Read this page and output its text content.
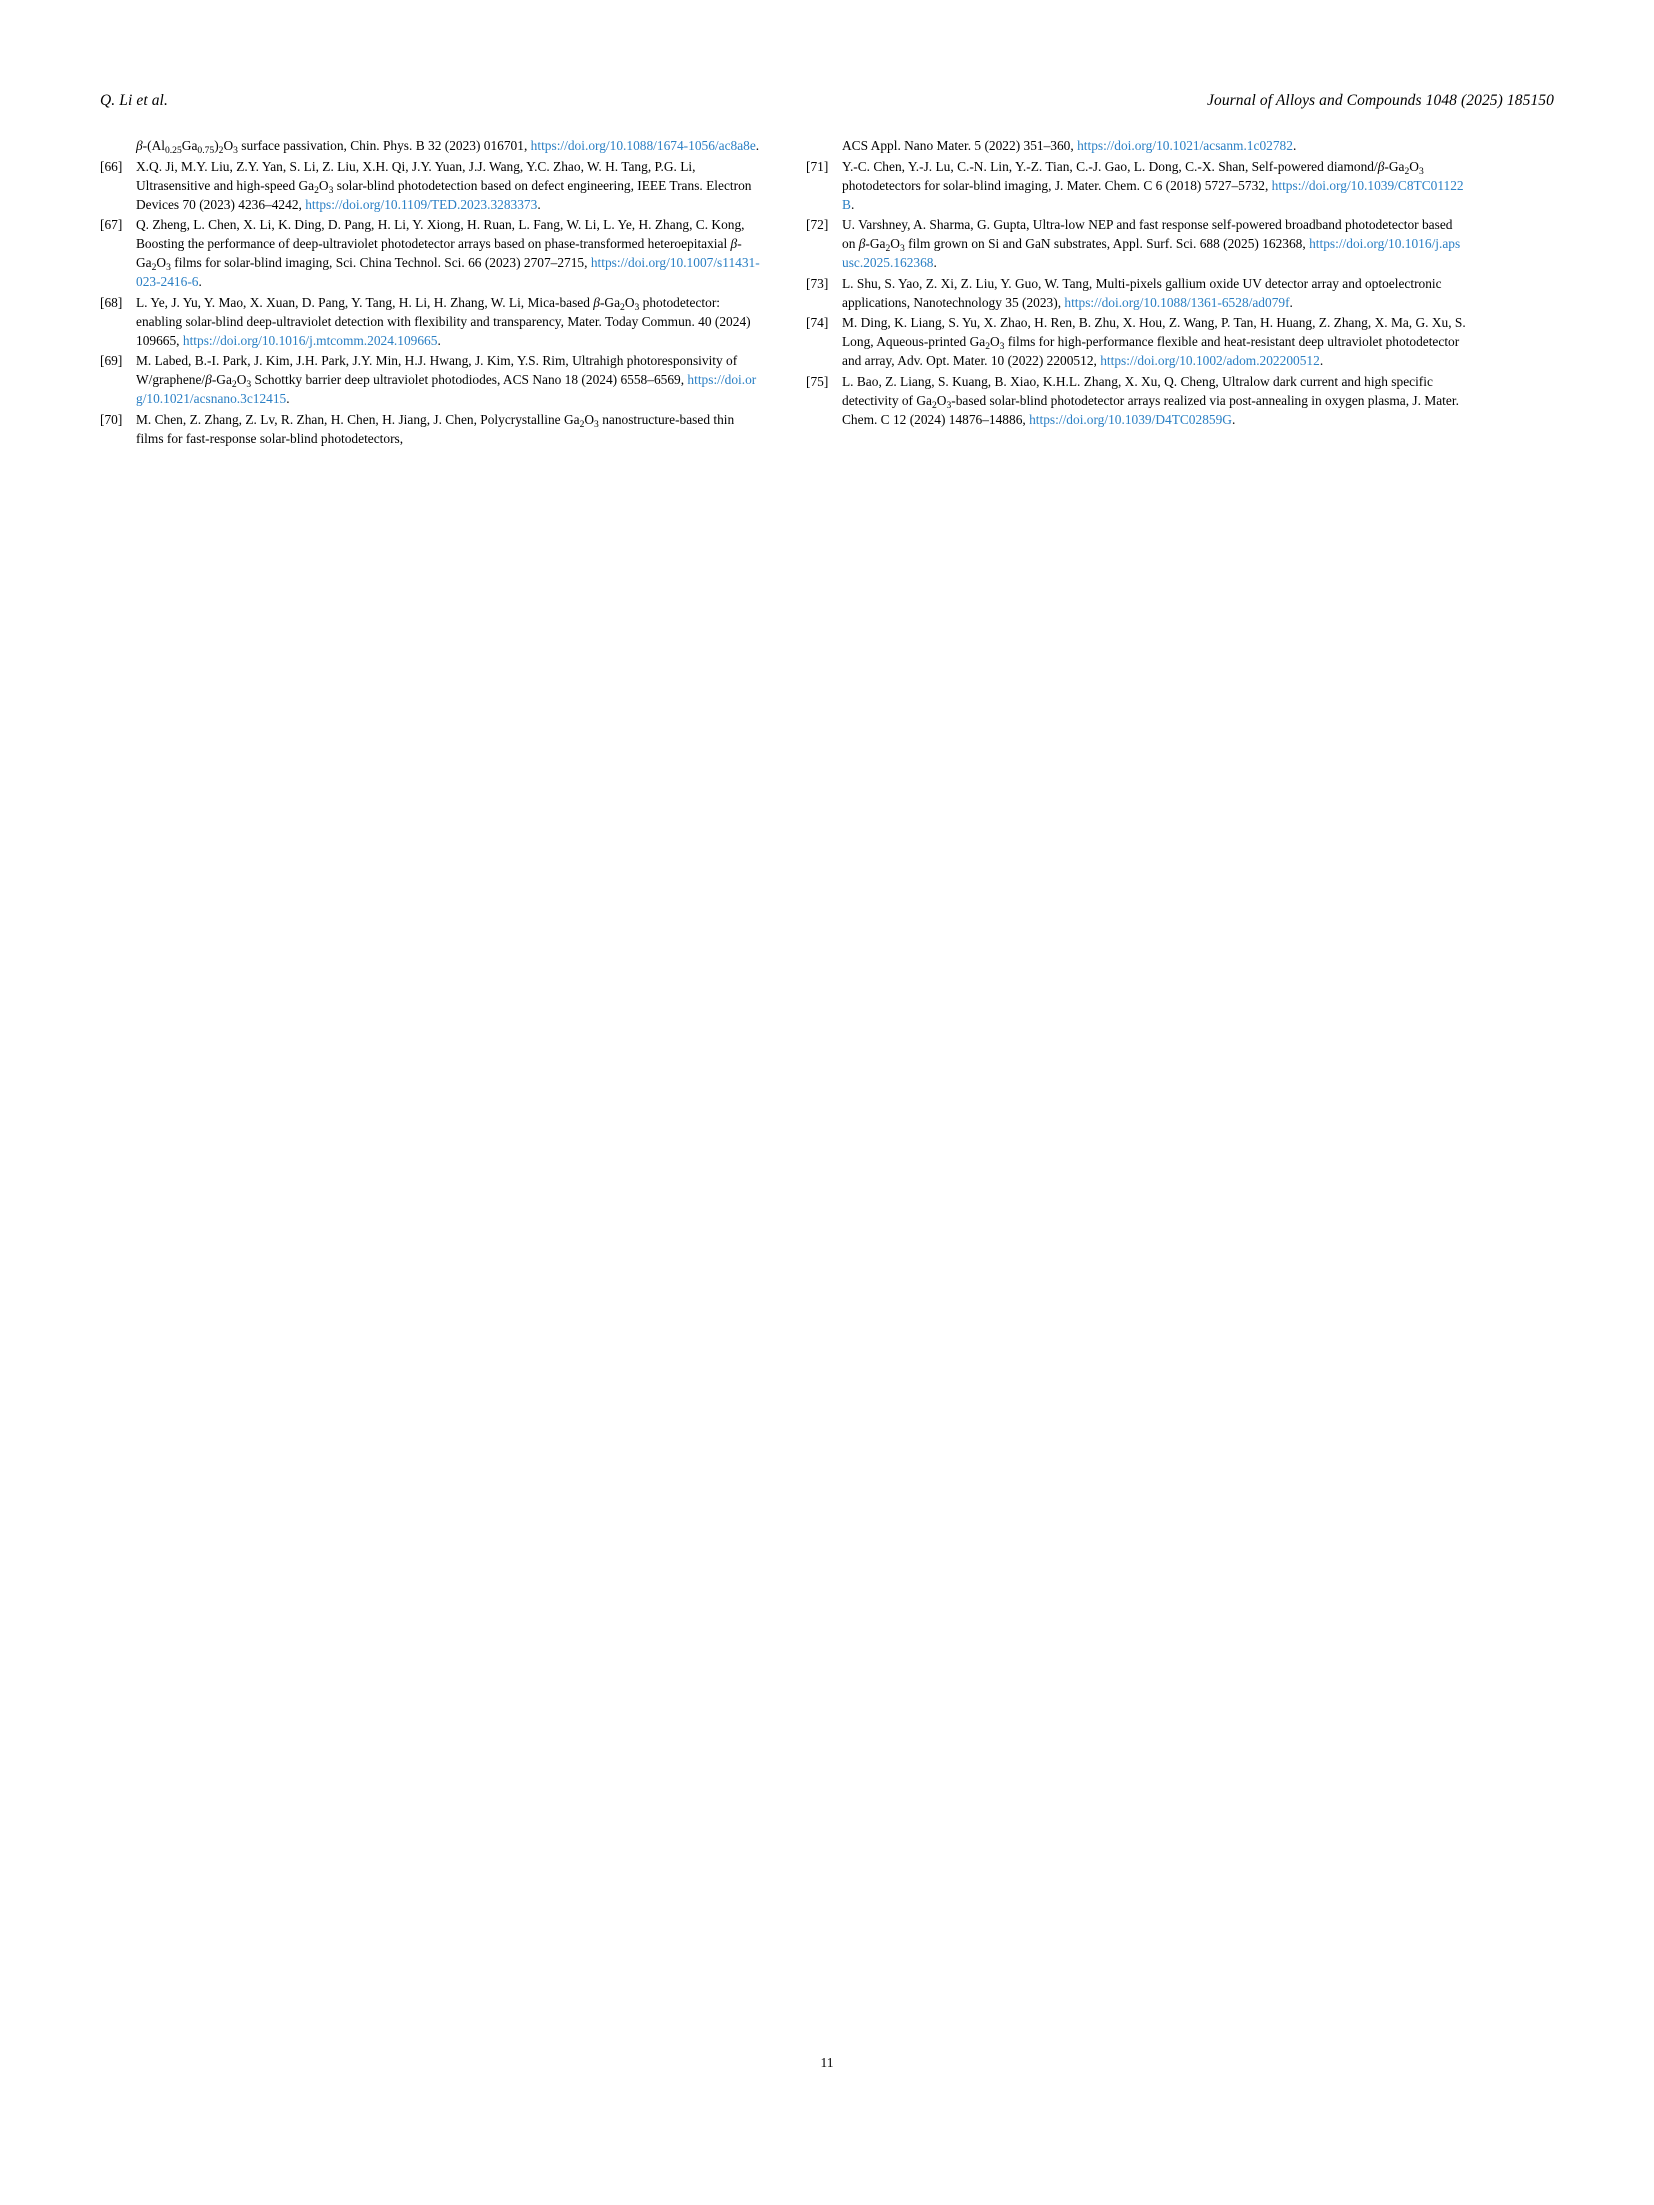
Q. Li et al.	Journal of Alloys and Compounds 1048 (2025) 185150
$\beta-(Al_{0.25}Ga_{0.75})_2O_3$ surface passivation, Chin. Phys. B 32 (2023) 016701, https://doi.org/10.1088/1674-1056/ac8a8e.
[66]	X.Q. Ji, M.Y. Liu, Z.Y. Yan, S. Li, Z. Liu, X.H. Qi, J.Y. Yuan, J.J. Wang, Y.C. Zhao, W. H. Tang, P.G. Li, Ultrasensitive and high-speed $Ga_2O_3$ solar-blind photodetection based on defect engineering, IEEE Trans. Electron Devices 70 (2023) 4236–4242, https://doi.org/10.1109/TED.2023.3283373.
[67]	Q. Zheng, L. Chen, X. Li, K. Ding, D. Pang, H. Li, Y. Xiong, H. Ruan, L. Fang, W. Li, L. Ye, H. Zhang, C. Kong, Boosting the performance of deep-ultraviolet photodetector arrays based on phase-transformed heteroepitaxial $\beta-Ga_2O_3$ films for solar-blind imaging, Sci. China Technol. Sci. 66 (2023) 2707–2715, https://doi.org/10.1007/s11431-023-2416-6.
[68]	L. Ye, J. Yu, Y. Mao, X. Xuan, D. Pang, Y. Tang, H. Li, H. Zhang, W. Li, Mica-based $\beta-Ga_2O_3$ photodetector: enabling solar-blind deep-ultraviolet detection with flexibility and transparency, Mater. Today Commun. 40 (2024) 109665, https://doi.org/10.1016/j.mtcomm.2024.109665.
[69]	M. Labed, B.-I. Park, J. Kim, J.H. Park, J.Y. Min, H.J. Hwang, J. Kim, Y.S. Rim, Ultrahigh photoresponsivity of $W/graphene/\beta-Ga_2O_3$ Schottky barrier deep ultraviolet photodiodes, ACS Nano 18 (2024) 6558–6569, https://doi.org/10.1021/acsnano.3c12415.
[70]	M. Chen, Z. Zhang, Z. Lv, R. Zhan, H. Chen, H. Jiang, J. Chen, Polycrystalline $Ga_2O_3$ nanostructure-based thin films for fast-response solar-blind photodetectors,
ACS Appl. Nano Mater. 5 (2022) 351–360, https://doi.org/10.1021/acsanm.1c02782.
[71]	Y.-C. Chen, Y.-J. Lu, C.-N. Lin, Y.-Z. Tian, C.-J. Gao, L. Dong, C.-X. Shan, Self-powered diamond/$\beta-Ga_2O_3$ photodetectors for solar-blind imaging, J. Mater. Chem. C 6 (2018) 5727–5732, https://doi.org/10.1039/C8TC01122B.
[72]	U. Varshney, A. Sharma, G. Gupta, Ultra-low NEP and fast response self-powered broadband photodetector based on $\beta-Ga_2O_3$ film grown on Si and GaN substrates, Appl. Surf. Sci. 688 (2025) 162368, https://doi.org/10.1016/j.apsusc.2025.162368.
[73]	L. Shu, S. Yao, Z. Xi, Z. Liu, Y. Guo, W. Tang, Multi-pixels gallium oxide UV detector array and optoelectronic applications, Nanotechnology 35 (2023), https://doi.org/10.1088/1361-6528/ad079f.
[74]	M. Ding, K. Liang, S. Yu, X. Zhao, H. Ren, B. Zhu, X. Hou, Z. Wang, P. Tan, H. Huang, Z. Zhang, X. Ma, G. Xu, S. Long, Aqueous-printed $Ga_2O_3$ films for high-performance flexible and heat-resistant deep ultraviolet photodetector and array, Adv. Opt. Mater. 10 (2022) 2200512, https://doi.org/10.1002/adom.202200512.
[75]	L. Bao, Z. Liang, S. Kuang, B. Xiao, K.H.L. Zhang, X. Xu, Q. Cheng, Ultralow dark current and high specific detectivity of $Ga_2O_3$-based solar-blind photodetector arrays realized via post-annealing in oxygen plasma, J. Mater. Chem. C 12 (2024) 14876–14886, https://doi.org/10.1039/D4TC02859G.
11
